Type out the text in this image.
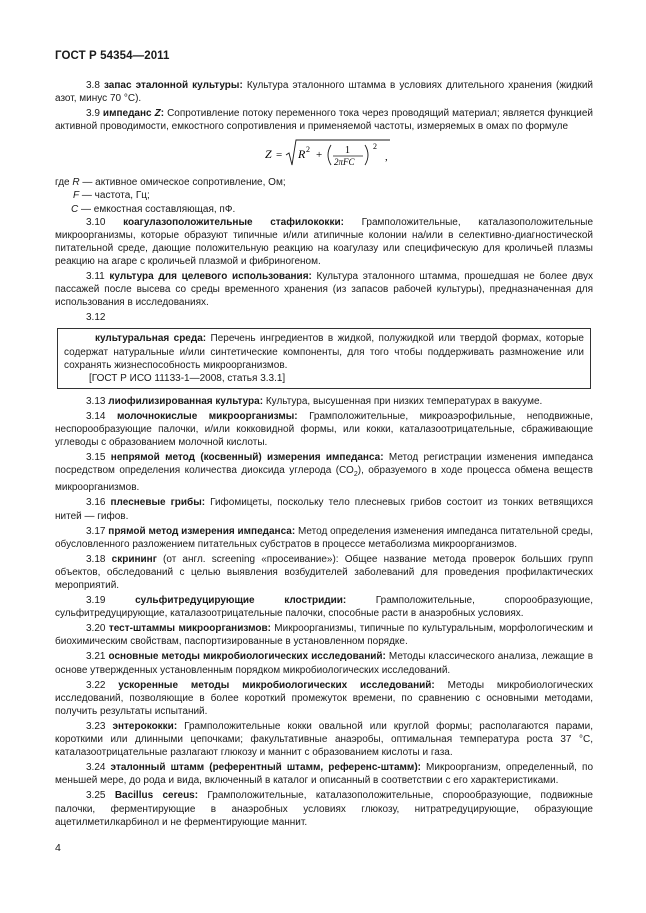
ГОСТ Р 54354—2011

3.8 запас эталонной культуры: Культура эталонного штамма в условиях длительного хранения (жидкий азот, минус 70 °С).

3.9 импеданс Z: Сопротивление потоку переменного тока через проводящий материал; является функцией активной проводимости, емкостного сопротивления и применяемой частоты, измеряемых в омах по формуле

Z = R 2 + 1
2πFC
2
,

где R — активное омическое сопротивление, Ом;

F — частота, Гц;

C — емкостная составляющая, пФ.

3.10 коагулазоположительные стафилококки: Грамположительные, каталазоположительные микроорганизмы, которые образуют типичные и/или атипичные колонии на/или в селективно-диагностической питательной среде, дающие положительную реакцию на коагулазу или специфическую для кроличьей плазмы реакцию на агаре с кроличьей плазмой и фибриногеном.

3.11 культура для целевого использования: Культура эталонного штамма, прошедшая не более двух пассажей после высева со среды временного хранения (из запасов рабочей культуры), предназначенная для использования в исследованиях.

3.12

культуральная среда: Перечень ингредиентов в жидкой, полужидкой или твердой формах, которые содержат натуральные и/или синтетические компоненты, для того чтобы поддерживать размножение или сохранять жизнеспособность микроорганизмов.

[ГОСТ Р ИСО 11133-1—2008, статья 3.3.1]

3.13 лиофилизированная культура: Культура, высушенная при низких температурах в вакууме.

3.14 молочнокислые микроорганизмы: Грамположительные, микроаэрофильные, неподвижные, неспорообразующие палочки, и/или кокковидной формы, или кокки, каталазоотрицательные, сбраживающие углеводы с образованием молочной кислоты.

3.15 непрямой метод (косвенный) измерения импеданса: Метод регистрации изменения импеданса посредством определения количества диоксида углерода $(СО_2)$, образуемого в ходе процесса обмена веществ микроорганизмов.

3.16 плесневые грибы: Гифомицеты, поскольку тело плесневых грибов состоит из тонких ветвящихся нитей — гифов.

3.17 прямой метод измерения импеданса: Метод определения изменения импеданса питательной среды, обусловленного разложением питательных субстратов в процессе метаболизма микроорганизмов.

3.18 скрининг (от англ. screening «просеивание»): Общее название метода проверок больших групп объектов, обследований с целью выявления возбудителей заболеваний для проведения профилактических мероприятий.

3.19	сульфитредуцирующие клостридии: Грамположительные, спорообразующие, сульфитредуцирующие, каталазоотрицательные палочки, способные расти в анаэробных условиях.

3.20 тест-штаммы микроорганизмов: Микроорганизмы, типичные по культуральным, морфологическим и биохимическим свойствам, паспортизированные в установленном порядке.

3.21 основные методы микробиологических исследований: Методы классического анализа, лежащие в основе утвержденных установленным порядком микробиологических исследований.

3.22 ускоренные методы микробиологических исследований: Методы микробиологических исследований, позволяющие в более короткий промежуток времени, по сравнению с основными методами, получить результаты испытаний.

3.23 энтерококки: Грамположительные кокки овальной или круглой формы; располагаются парами, короткими или длинными цепочками; факультативные анаэробы, оптимальная температура роста 37 °С, каталазоотрицательные разлагают глюкозу и маннит с образованием кислоты и газа.

3.24 эталонный штамм (референтный штамм, референс-штамм): Микроорганизм, определенный, по меньшей мере, до рода и вида, включенный в каталог и описанный в соответствии с его характеристиками.

3.25 Bacillus cereus: Грамположительные, каталазоположительные, спорообразующие, подвижные палочки, ферментирующие в анаэробных условиях глюкозу, нитратредуцирующие, образующие ацетилметилкарбинол и не ферментирующие маннит.

4
